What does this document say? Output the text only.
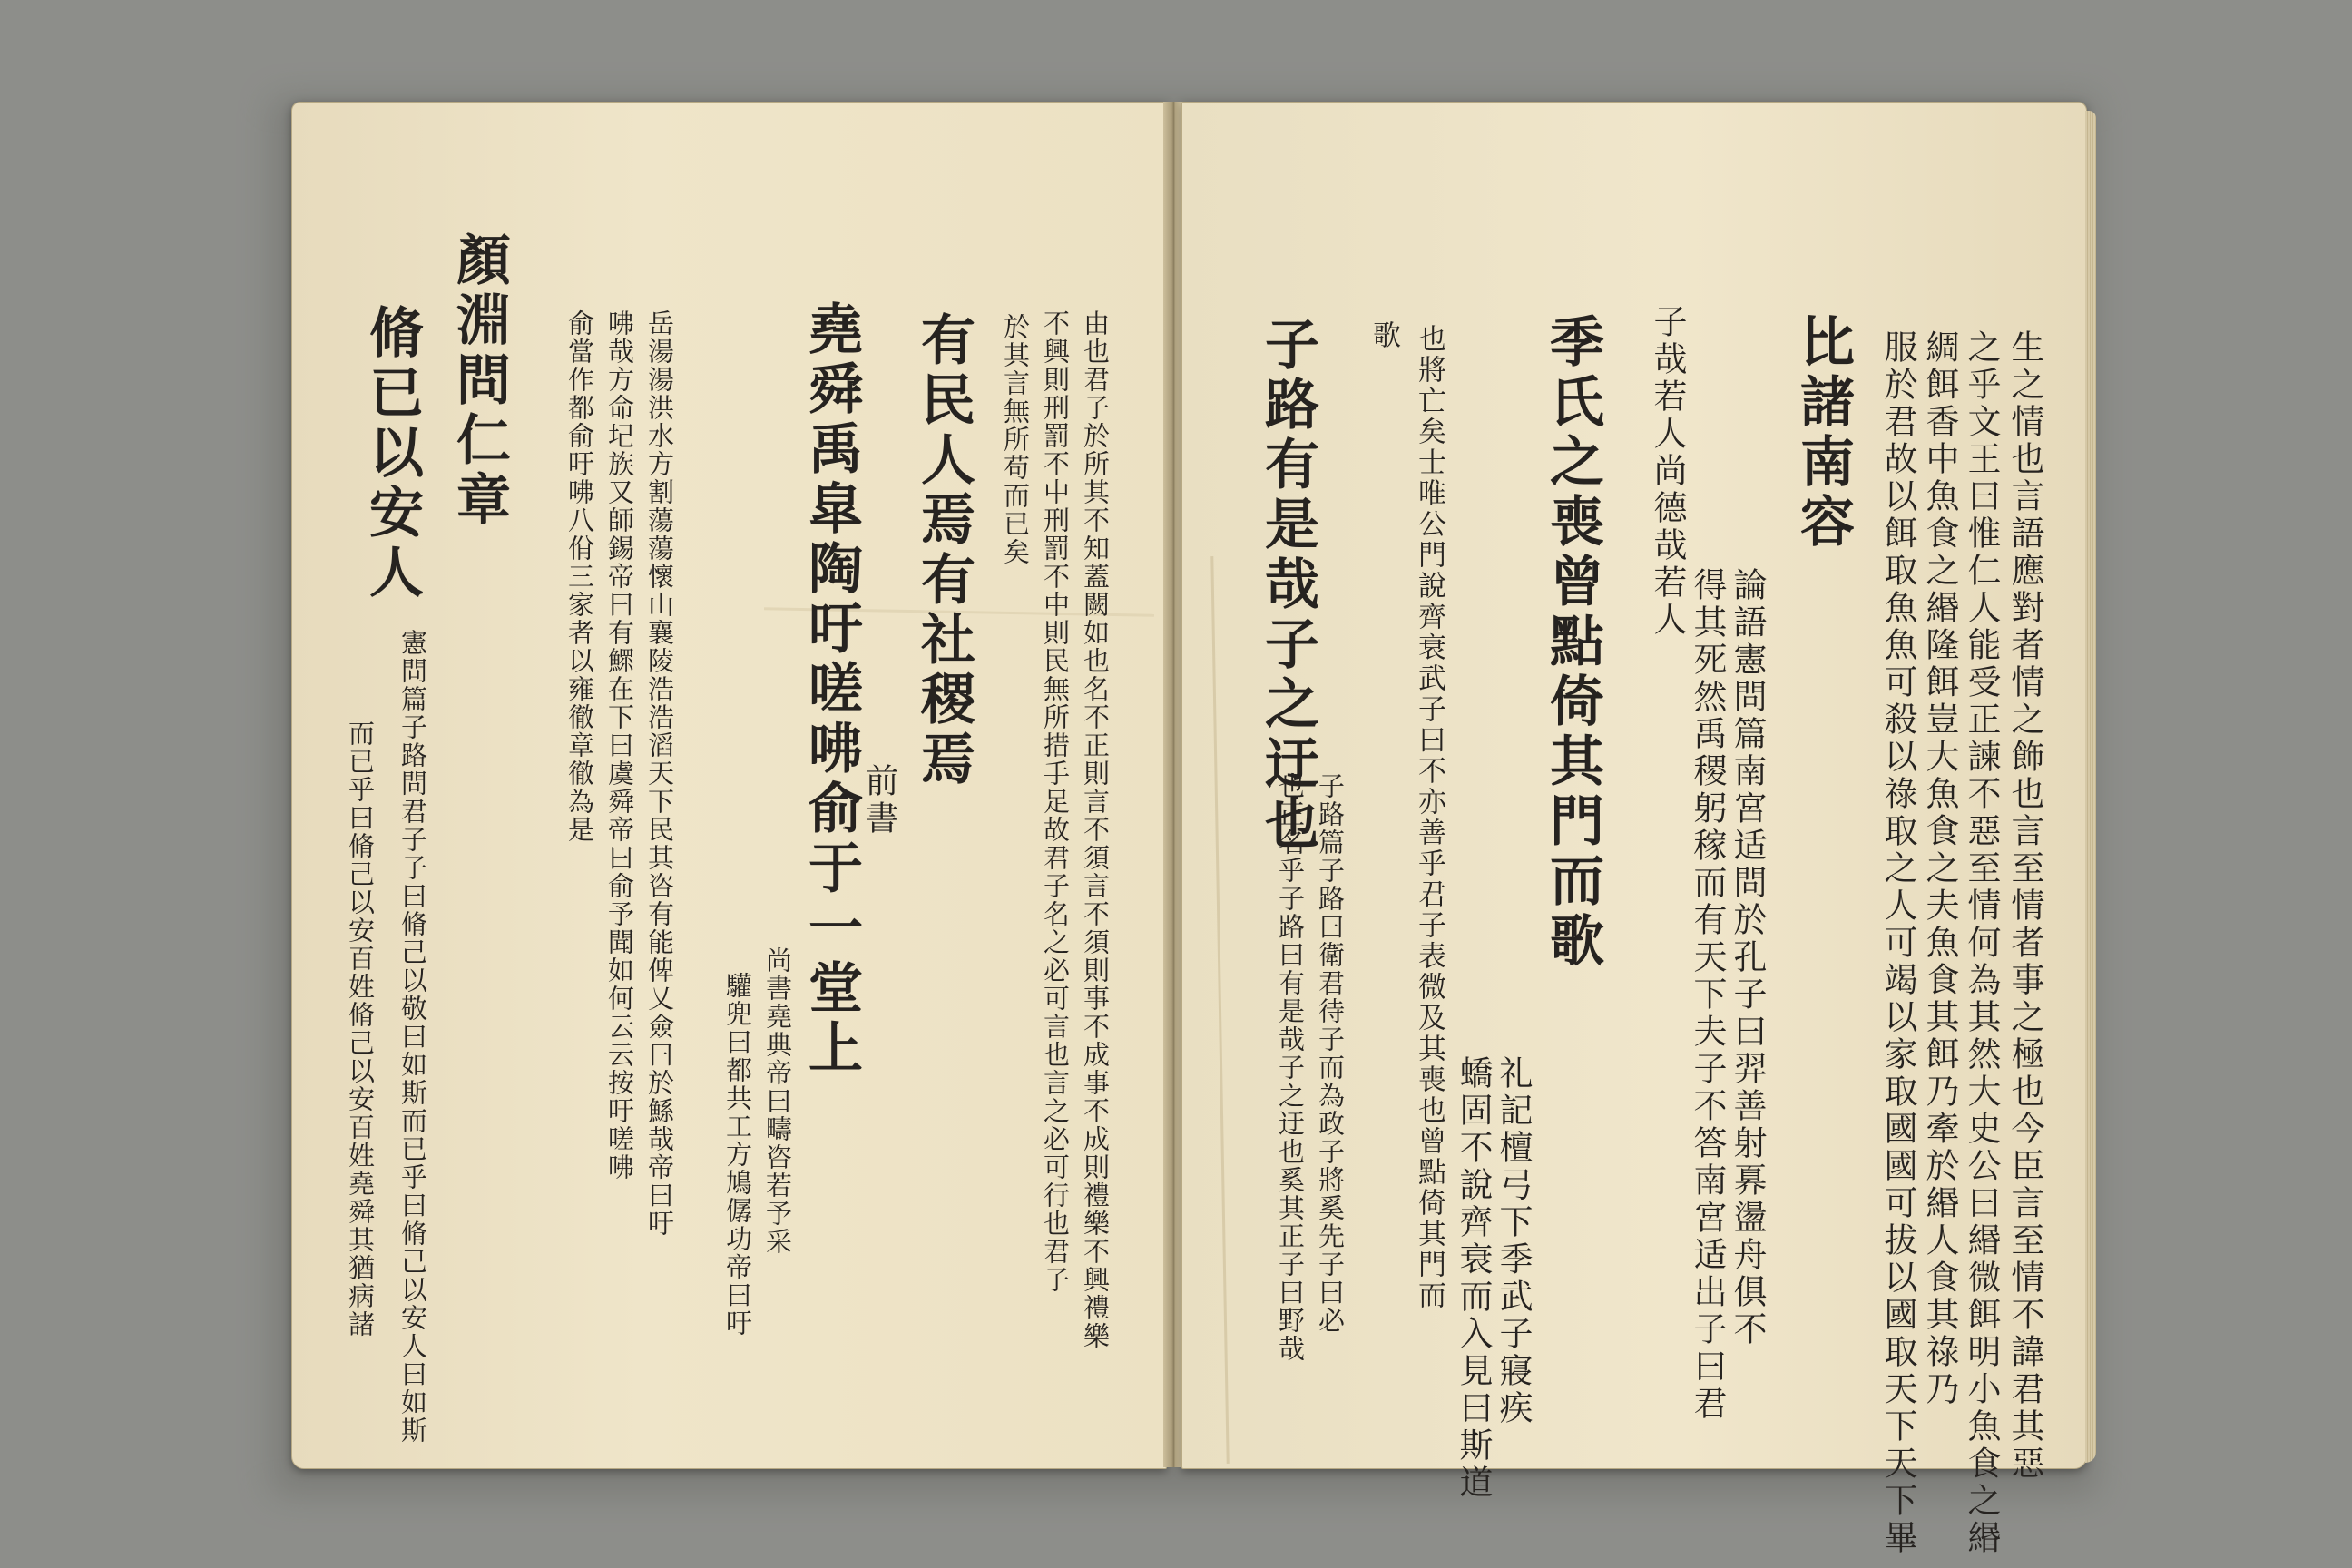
由也君子於所其不知蓋闕如也名不正則言不須言不須則事不成事不成則禮樂不興禮樂
不興則刑罰不中刑罰不中則民無所措手足故君子名之必可言也言之必可行也君子
於其言無所苟而已矣
有民人焉有社稷焉
前書
堯舜禹皐陶吁嗟咈俞于一堂上
尚書堯典帝曰疇咨若予采
驩兜曰都共工方鳩僝功帝曰吁
岳湯湯洪水方割蕩蕩懷山襄陵浩浩滔天下民其咨有能俾乂僉曰於鯀哉帝曰吁
咈哉方命圮族又師錫帝曰有鰥在下曰虞舜帝曰俞予聞如何云云按吁嗟咈
俞當作都俞吁咈八佾三家者以雍徹章徹為是
顏淵問仁章
脩已以安人
憲問篇子路問君子子曰脩己以敬曰如斯而已乎曰脩己以安人曰如斯
而已乎曰脩己以安百姓脩己以安百姓堯舜其猶病諸	生之情也言語應對者情之飾也言至情者事之極也今臣言至情不諱君其惡
之乎文王曰惟仁人能受正諫不惡至情何為其然大史公曰緡微餌明小魚食之緡
綢餌香中魚食之緡隆餌豈大魚食之夫魚食其餌乃牽於緡人食其祿乃
服於君故以餌取魚魚可殺以祿取之人可竭以家取國國可拔以國取天下天下畢
比諸南容
論語憲問篇南宮适問於孔子曰羿善射奡盪舟俱不
得其死然禹稷躬稼而有天下夫子不答南宮适出子曰君
子哉若人尚德哉若人
季氏之喪曾點倚其門而歌
礼記檀弓下季武子寢疾
蟜固不說齊衰而入見曰斯道
也將亡矣士唯公門說齊衰武子曰不亦善乎君子表微及其喪也曾點倚其門而
歌
子路有是哉子之迂也
子路篇子路曰衛君待子而為政子將奚先子曰必
也正名乎子路曰有是哉子之迂也奚其正子曰野哉
